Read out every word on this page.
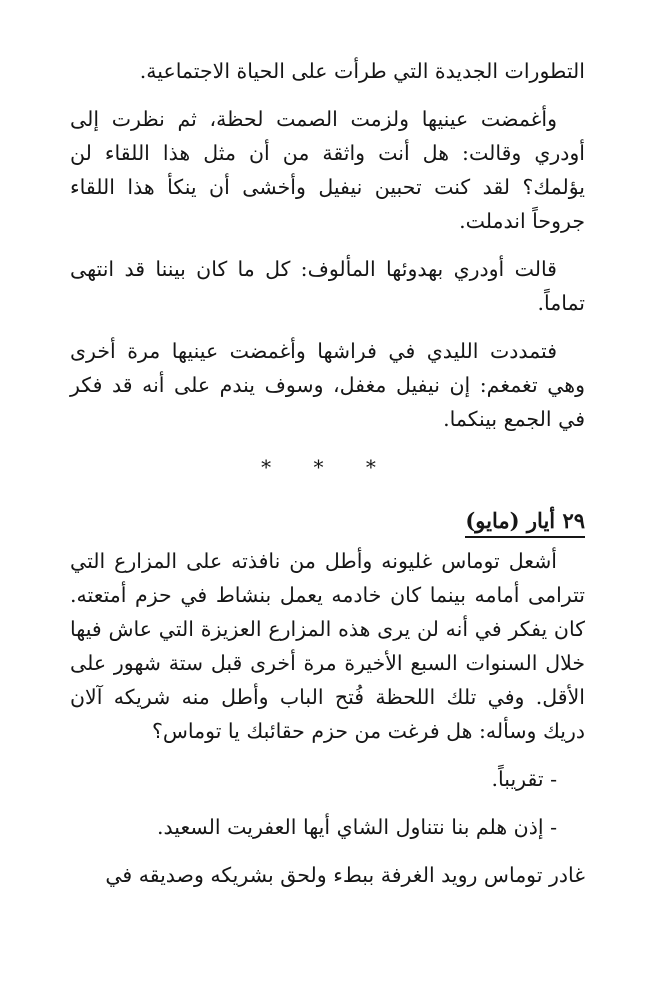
التطورات الجديدة التي طرأت على الحياة الاجتماعية.

وأغمضت عينيها ولزمت الصمت لحظة، ثم نظرت إلى أودري وقالت: هل أنت واثقة من أن مثل هذا اللقاء لن يؤلمك؟ لقد كنت تحبين نيفيل وأخشى أن ينكأ هذا اللقاء جروحاً اندملت.

قالت أودري بهدوئها المألوف: كل ما كان بيننا قد انتهى تماماً.

فتمددت الليدي في فراشها وأغمضت عينيها مرة أخرى وهي تغمغم: إن نيفيل مغفل، وسوف يندم على أنه قد فكر في الجمع بينكما.

* * *
٢٩ أيار (مايو)

أشعل توماس غليونه وأطل من نافذته على المزارع التي تترامى أمامه بينما كان خادمه يعمل بنشاط في حزم أمتعته. كان يفكر في أنه لن يرى هذه المزارع العزيزة التي عاش فيها خلال السنوات السبع الأخيرة مرة أخرى قبل ستة شهور على الأقل. وفي تلك اللحظة فُتح الباب وأطل منه شريكه آلان دريك وسأله: هل فرغت من حزم حقائبك يا توماس؟

- تقريباً.

- إذن هلم بنا نتناول الشاي أيها العفريت السعيد.

غادر توماس رويد الغرفة ببطء ولحق بشريكه وصديقه في
